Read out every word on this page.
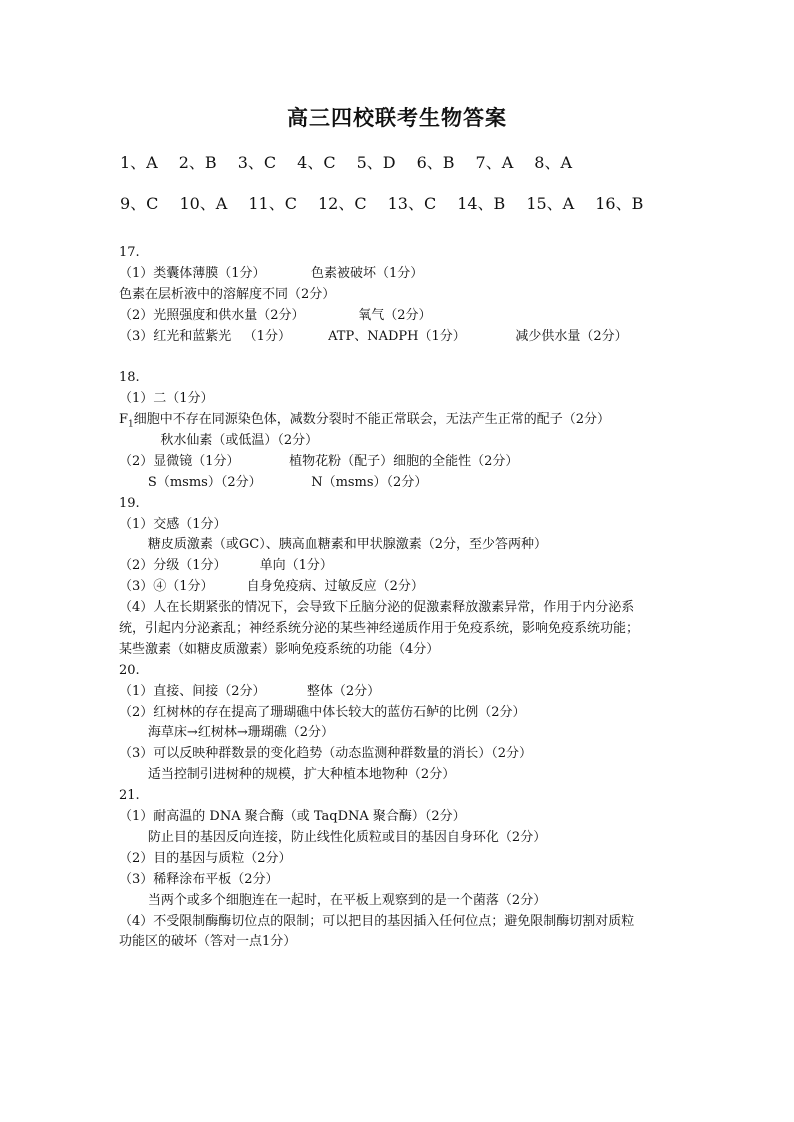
高三四校联考生物答案
1、A 2、B 3、C 4、C 5、D 6、B 7、A 8、A
9、C 10、A 11、C 12、C 13、C 14、B 15、A 16、B
17.
（1）类囊体薄膜（1分）           色素被破坏（1分）
色素在层析液中的溶解度不同（2分）
（2）光照强度和供水量（2分）             氧气（2分）
（3）红光和蓝紫光   （1分）         ATP、NADPH（1分）            减少供水量（2分）
18.
（1）二（1分）
$F_1$细胞中不存在同源染色体，减数分裂时不能正常联会，无法产生正常的配子（2分）
秋水仙素（或低温）（2分）
（2）显微镜（1分）            植物花粉（配子）细胞的全能性（2分）
S（msms）（2分）            N（msms）（2分）
19.
（1）交感（1分）
糖皮质激素（或GC）、胰高血糖素和甲状腺激素（2分，至少答两种）
（2）分级（1分）        单向（1分）
（3）④（1分）        自身免疫病、过敏反应（2分）
（4）人在长期紧张的情况下，会导致下丘脑分泌的促激素释放激素异常，作用于内分泌系
统，引起内分泌紊乱；神经系统分泌的某些神经递质作用于免疫系统，影响免疫系统功能；
某些激素（如糖皮质激素）影响免疫系统的功能（4分）
20.
（1）直接、间接（2分）          整体（2分）
（2）红树林的存在提高了珊瑚礁中体长较大的蓝仿石鲈的比例（2分）
海草床→红树林→珊瑚礁（2分）
（3）可以反映种群数景的变化趋势（动态监测种群数量的消长）（2分）
适当控制引进树种的规模，扩大种植本地物种（2分）
21.
（1）耐高温的 DNA 聚合酶（或 TaqDNA 聚合酶）（2分）
防止目的基因反向连接，防止线性化质粒或目的基因自身环化（2分）
（2）目的基因与质粒（2分）
（3）稀释涂布平板（2分）
当两个或多个细胞连在一起时，在平板上观察到的是一个菌落（2分）
（4）不受限制酶酶切位点的限制；可以把目的基因插入任何位点；避免限制酶切割对质粒
功能区的破坏（答对一点1分）
